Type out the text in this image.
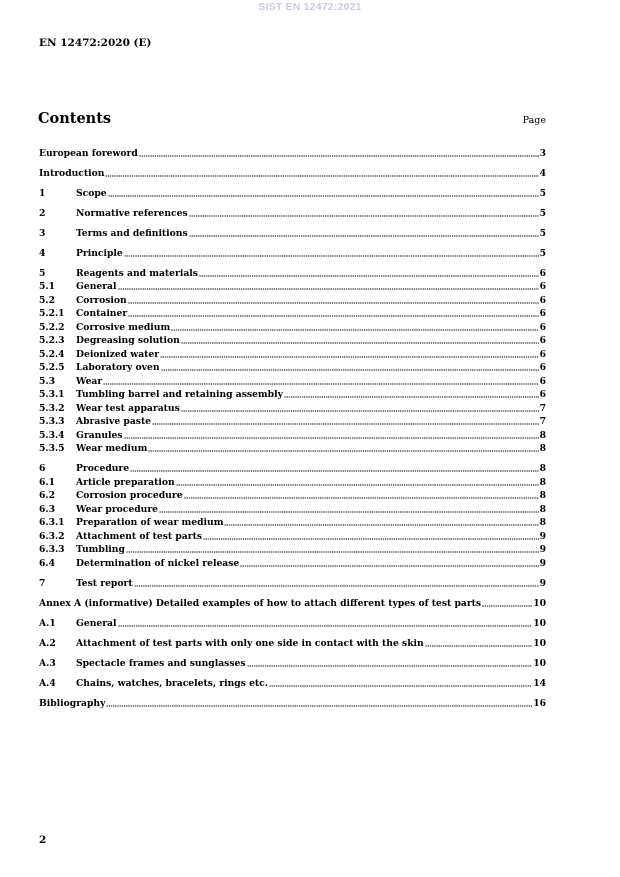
SIST EN 12472:2021
EN 12472:2020 (E)
Contents	Page
European foreword	3
Introduction	4
1	Scope	5
2	Normative references	5
3	Terms and definitions	5
4	Principle	5
5	Reagents and materials	6
5.1	General	6
5.2	Corrosion	6
5.2.1	Container	6
5.2.2	Corrosive medium	6
5.2.3	Degreasing solution	6
5.2.4	Deionized water	6
5.2.5	Laboratory oven	6
5.3	Wear	6
5.3.1	Tumbling barrel and retaining assembly	6
5.3.2	Wear test apparatus	7
5.3.3	Abrasive paste	7
5.3.4	Granules	8
5.3.5	Wear medium	8
6	Procedure	8
6.1	Article preparation	8
6.2	Corrosion procedure	8
6.3	Wear procedure	8
6.3.1	Preparation of wear medium	8
6.3.2	Attachment of test parts	9
6.3.3	Tumbling	9
6.4	Determination of nickel release	9
7	Test report	9
Annex A (informative) Detailed examples of how to attach different types of test parts	10
A.1	General	10
A.2	Attachment of test parts with only one side in contact with the skin	10
A.3	Spectacle frames and sunglasses	10
A.4	Chains, watches, bracelets, rings etc.	14
Bibliography	16
2
